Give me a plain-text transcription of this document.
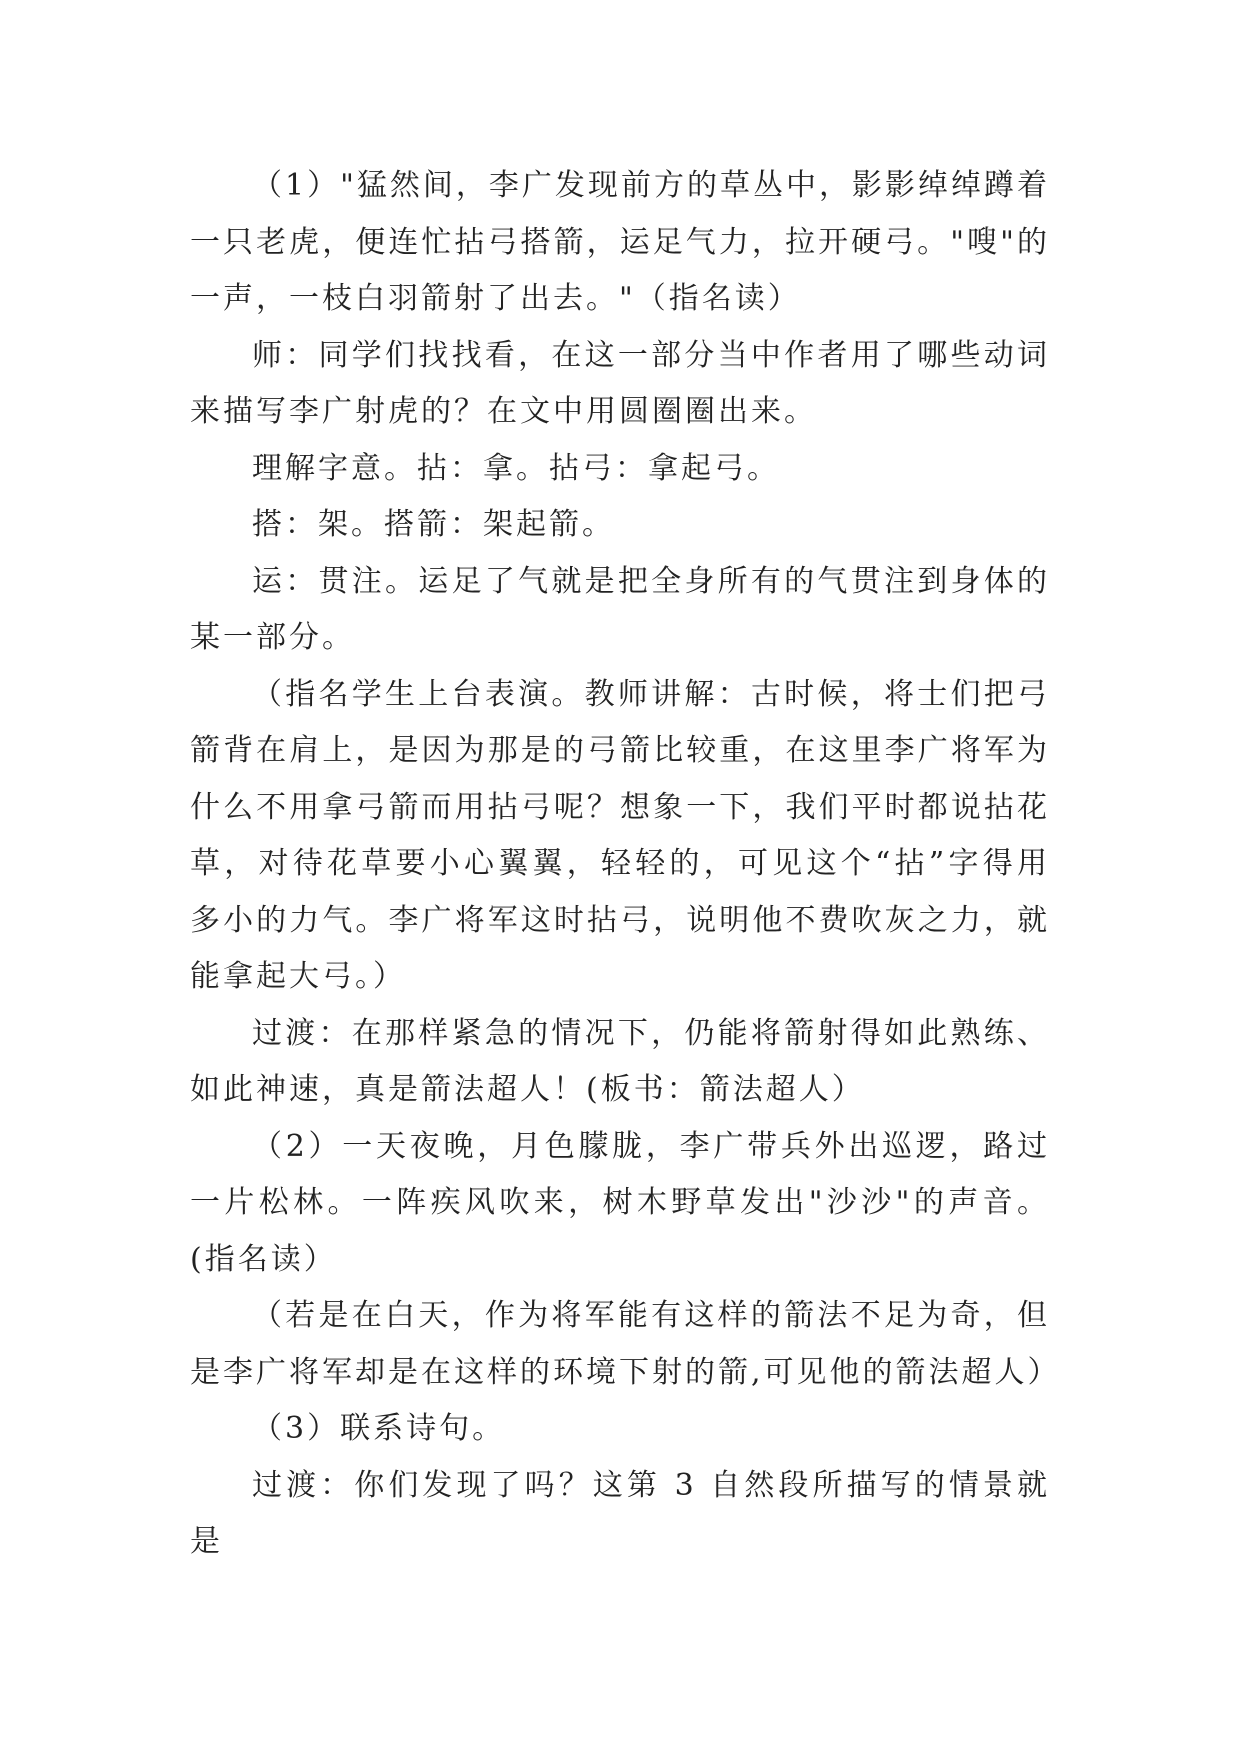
（1）"猛然间，李广发现前方的草丛中，影影绰绰蹲着一只老虎，便连忙拈弓搭箭，运足气力，拉开硬弓。"嗖"的一声，一枝白羽箭射了出去。"（指名读）

师：同学们找找看，在这一部分当中作者用了哪些动词来描写李广射虎的？在文中用圆圈圈出来。

理解字意。拈：拿。拈弓：拿起弓。

搭：架。搭箭：架起箭。

运：贯注。运足了气就是把全身所有的气贯注到身体的某一部分。

（指名学生上台表演。教师讲解：古时候，将士们把弓箭背在肩上，是因为那是的弓箭比较重，在这里李广将军为什么不用拿弓箭而用拈弓呢？想象一下，我们平时都说拈花草，对待花草要小心翼翼，轻轻的，可见这个“拈”字得用多小的力气。李广将军这时拈弓，说明他不费吹灰之力，就能拿起大弓。）

过渡：在那样紧急的情况下，仍能将箭射得如此熟练、如此神速，真是箭法超人！(板书：箭法超人）

（2）一天夜晚，月色朦胧，李广带兵外出巡逻，路过一片松林。一阵疾风吹来，树木野草发出"沙沙"的声音。(指名读）

（若是在白天，作为将军能有这样的箭法不足为奇，但是李广将军却是在这样的环境下射的箭,可见他的箭法超人）

（3）联系诗句。

过渡：你们发现了吗？这第 3 自然段所描写的情景就是
